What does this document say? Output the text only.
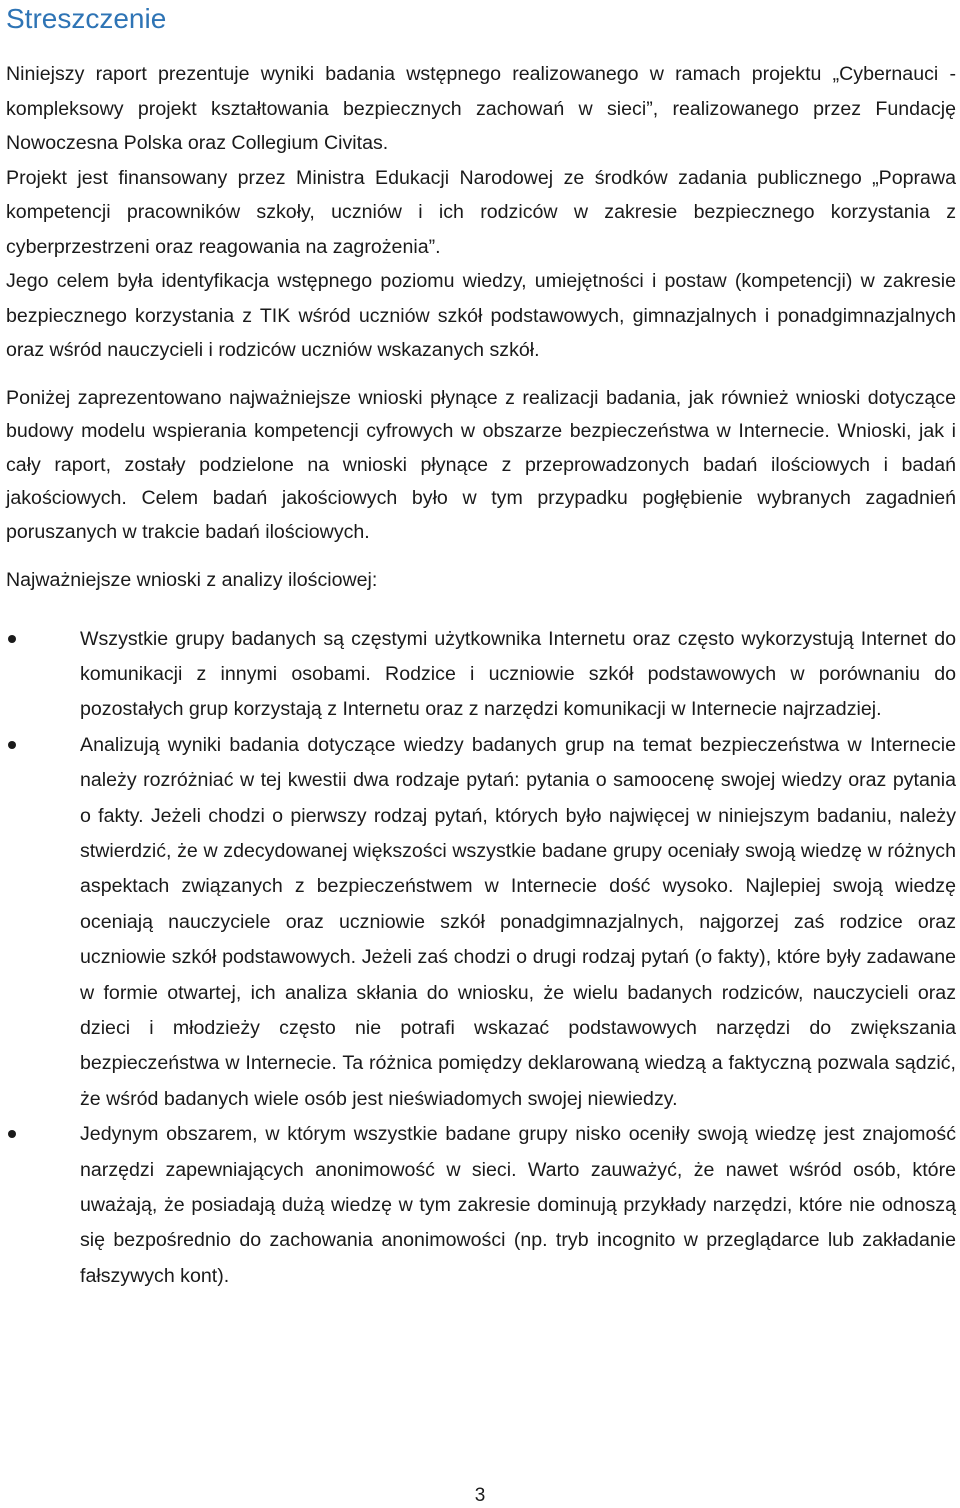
Streszczenie

Niniejszy raport prezentuje wyniki badania wstępnego realizowanego w ramach projektu „Cybernauci - kompleksowy projekt kształtowania bezpiecznych zachowań w sieci”, realizowanego przez Fundację Nowoczesna Polska oraz Collegium Civitas.

Projekt jest finansowany przez Ministra Edukacji Narodowej ze środków zadania publicznego „Poprawa kompetencji pracowników szkoły, uczniów i ich rodziców w zakresie bezpiecznego korzystania z cyberprzestrzeni oraz reagowania na zagrożenia”.

Jego celem była identyfikacja wstępnego poziomu wiedzy, umiejętności i postaw (kompetencji) w zakresie bezpiecznego korzystania z TIK wśród uczniów szkół podstawowych, gimnazjalnych i ponadgimnazjalnych oraz wśród nauczycieli i rodziców uczniów wskazanych szkół.

Poniżej zaprezentowano najważniejsze wnioski płynące z realizacji badania, jak również wnioski dotyczące budowy modelu wspierania kompetencji cyfrowych w obszarze bezpieczeństwa w Internecie. Wnioski, jak i cały raport, zostały podzielone na wnioski płynące z przeprowadzonych badań ilościowych i badań jakościowych. Celem badań jakościowych było w tym przypadku pogłębienie wybranych zagadnień poruszanych w trakcie badań ilościowych.

Najważniejsze wnioski z analizy ilościowej:

Wszystkie grupy badanych są częstymi użytkownika Internetu oraz często wykorzystują Internet do komunikacji z innymi osobami. Rodzice i uczniowie szkół podstawowych w porównaniu do pozostałych grup korzystają z Internetu oraz z narzędzi komunikacji w Internecie najrzadziej.
Analizują wyniki badania dotyczące wiedzy badanych grup na temat bezpieczeństwa w Internecie należy rozróżniać w tej kwestii dwa rodzaje pytań: pytania o samoocenę swojej wiedzy oraz pytania o fakty. Jeżeli chodzi o pierwszy rodzaj pytań, których było najwięcej w niniejszym badaniu, należy stwierdzić, że w zdecydowanej większości wszystkie badane grupy oceniały swoją wiedzę w różnych aspektach związanych z bezpieczeństwem w Internecie dość wysoko. Najlepiej swoją wiedzę oceniają nauczyciele oraz uczniowie szkół ponadgimnazjalnych, najgorzej zaś rodzice oraz uczniowie szkół podstawowych. Jeżeli zaś chodzi o drugi rodzaj pytań (o fakty), które były zadawane w formie otwartej, ich analiza skłania do wniosku, że wielu badanych rodziców, nauczycieli oraz dzieci i młodzieży często nie potrafi wskazać podstawowych narzędzi do zwiększania bezpieczeństwa w Internecie. Ta różnica pomiędzy deklarowaną wiedzą a faktyczną pozwala sądzić, że wśród badanych wiele osób jest nieświadomych swojej niewiedzy.
Jedynym obszarem, w którym wszystkie badane grupy nisko oceniły swoją wiedzę jest znajomość narzędzi zapewniających anonimowość w sieci. Warto zauważyć, że nawet wśród osób, które uważają, że posiadają dużą wiedzę w tym zakresie dominują przykłady narzędzi, które nie odnoszą się bezpośrednio do zachowania anonimowości (np. tryb incognito w przeglądarce lub zakładanie fałszywych kont).
3
